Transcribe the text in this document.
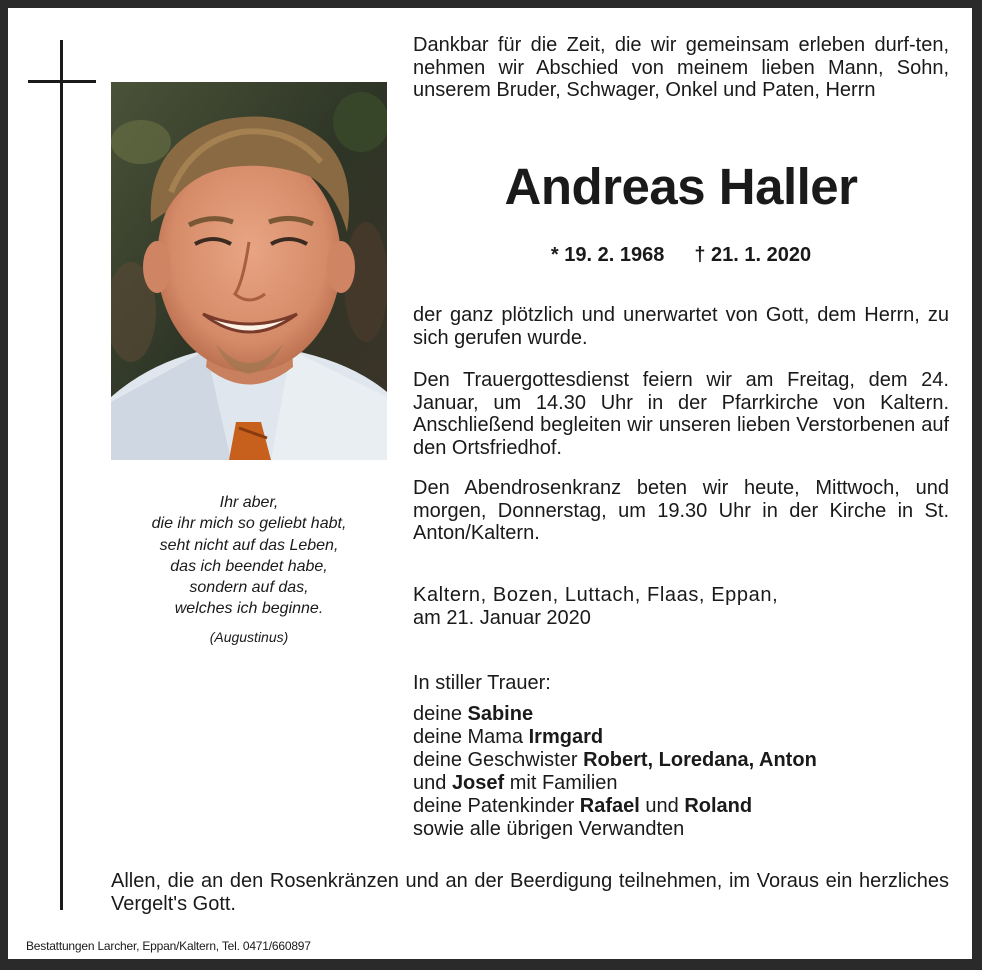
Ihr aber,
die ihr mich so geliebt habt,
seht nicht auf das Leben,
das ich beendet habe,
sondern auf das,
welches ich beginne.
(Augustinus)
Dankbar für die Zeit, die wir gemeinsam erleben durf-ten, nehmen wir Abschied von meinem lieben Mann, Sohn, unserem Bruder, Schwager, Onkel und Paten, Herrn
Andreas Haller
* 19. 2. 1968 † 21. 1. 2020
der ganz plötzlich und unerwartet von Gott, dem Herrn, zu sich gerufen wurde.
Den Trauergottesdienst feiern wir am Freitag, dem 24. Januar, um 14.30 Uhr in der Pfarrkirche von Kaltern. Anschließend begleiten wir unseren lieben Verstorbenen auf den Ortsfriedhof.
Den Abendrosenkranz beten wir heute, Mittwoch, und morgen, Donnerstag, um 19.30 Uhr in der Kirche in St. Anton/Kaltern.
Kaltern, Bozen, Luttach, Flaas, Eppan,
am 21. Januar 2020
In stiller Trauer:
deine Sabine
deine Mama Irmgard
deine Geschwister Robert, Loredana, Anton
und Josef mit Familien
deine Patenkinder Rafael und Roland
sowie alle übrigen Verwandten
Allen, die an den Rosenkränzen und an der Beerdigung teilnehmen, im Voraus ein herzliches Vergelt's Gott.
Bestattungen Larcher, Eppan/Kaltern, Tel. 0471/660897
